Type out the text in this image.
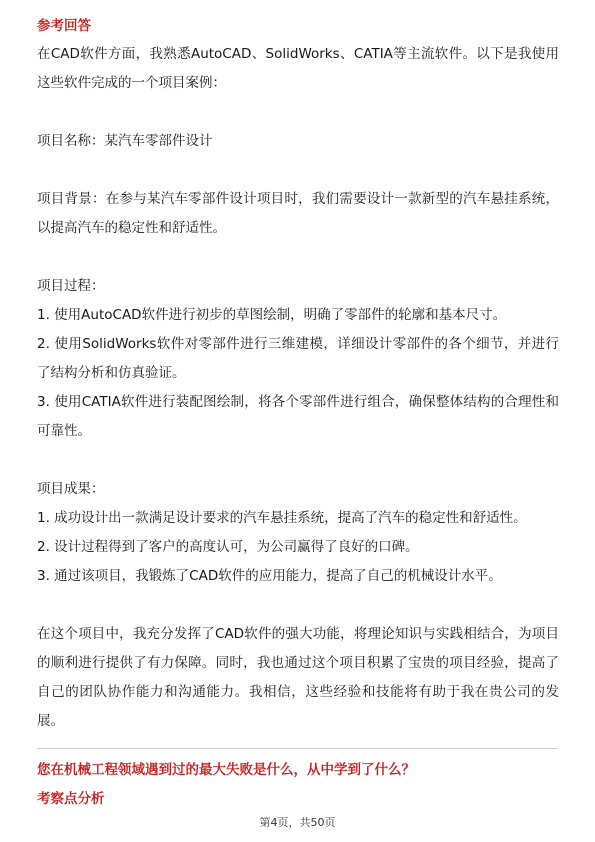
参考回答

在CAD软件方面，我熟悉AutoCAD、SolidWorks、CATIA等主流软件。以下是我使用这些软件完成的一个项目案例：

项目名称：某汽车零部件设计

项目背景：在参与某汽车零部件设计项目时，我们需要设计一款新型的汽车悬挂系统，以提高汽车的稳定性和舒适性。

项目过程：

1. 使用AutoCAD软件进行初步的草图绘制，明确了零部件的轮廓和基本尺寸。

2. 使用SolidWorks软件对零部件进行三维建模，详细设计零部件的各个细节，并进行了结构分析和仿真验证。

3. 使用CATIA软件进行装配图绘制，将各个零部件进行组合，确保整体结构的合理性和可靠性。

项目成果：

1. 成功设计出一款满足设计要求的汽车悬挂系统，提高了汽车的稳定性和舒适性。

2. 设计过程得到了客户的高度认可，为公司赢得了良好的口碑。

3. 通过该项目，我锻炼了CAD软件的应用能力，提高了自己的机械设计水平。

在这个项目中，我充分发挥了CAD软件的强大功能，将理论知识与实践相结合，为项目的顺利进行提供了有力保障。同时，我也通过这个项目积累了宝贵的项目经验，提高了自己的团队协作能力和沟通能力。我相信，这些经验和技能将有助于我在贵公司的发展。

您在机械工程领域遇到过的最大失败是什么，从中学到了什么？

考察点分析

第4页，共50页
